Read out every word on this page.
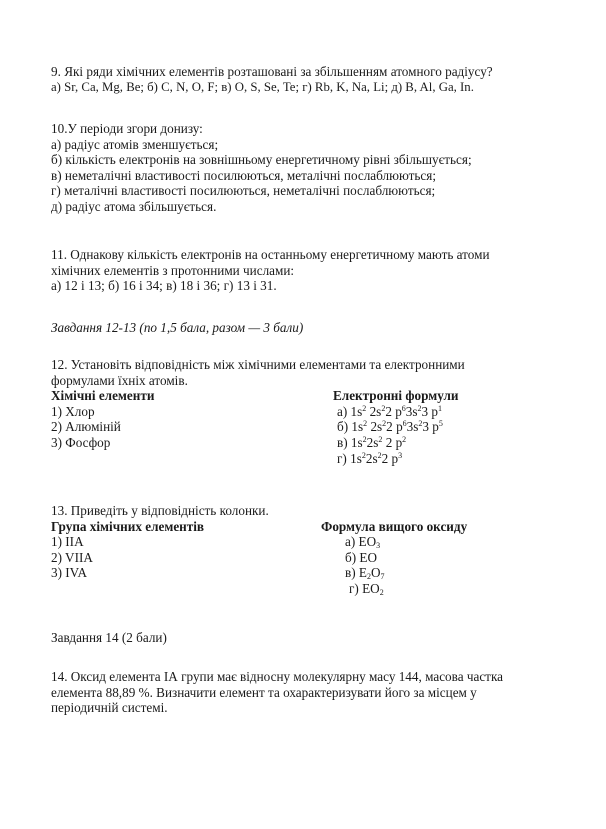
9. Які ряди хімічних елементів розташовані за збільшенням атомного радіусу?
а) Sr, Ca, Mg, Be; б) C, N, O, F; в) O, S, Se, Te; г) Rb, K, Na, Li; д) B, Al, Ga, In.
10.У періоди згори донизу:
а) радіус атомів зменшується;
б) кількість електронів на зовнішньому енергетичному рівні збільшується;
в) неметалічні властивості посилюються, металічні послаблюються;
г) металічні властивості посилюються, неметалічні послаблюються;
д) радіус атома збільшується.
11. Однакову кількість електронів на останньому енергетичному мають атоми
хімічних елементів з протонними числами:
а) 12 і 13; б) 16 і 34; в) 18 і 36; г) 13 і 31.
Завдання 12-13 (по 1,5 бала, разом — 3 бали)
12. Установіть відповідність між хімічними елементами та електронними
формулами їхніх атомів.
Хімічні елементи
1) Хлор
2) Алюміній
3) Фосфор
Електронні формули
а) $1s^2$ $2s^22$ $p^63s^23$ $p^1$
б) $1s^2$ $2s^22$ $p^63s^23$ $p^5$
в) $1s^22s^2$ 2 $p^2$
г) $1s^22s^22$ $p^3$
13. Приведіть у відповідність колонки.
Група хімічних елементів
1) IIA
2) VIIA
3) IVA
Формула вищого оксиду
а) $EO_3$
б) EO
в) $E_2O_7$
г) $EO_2$
Завдання 14 (2 бали)
14. Оксид елемента ІА групи має відносну молекулярну масу 144, масова частка
елемента 88,89 %. Визначити елемент та охарактеризувати його за місцем у
періодичній системі.
